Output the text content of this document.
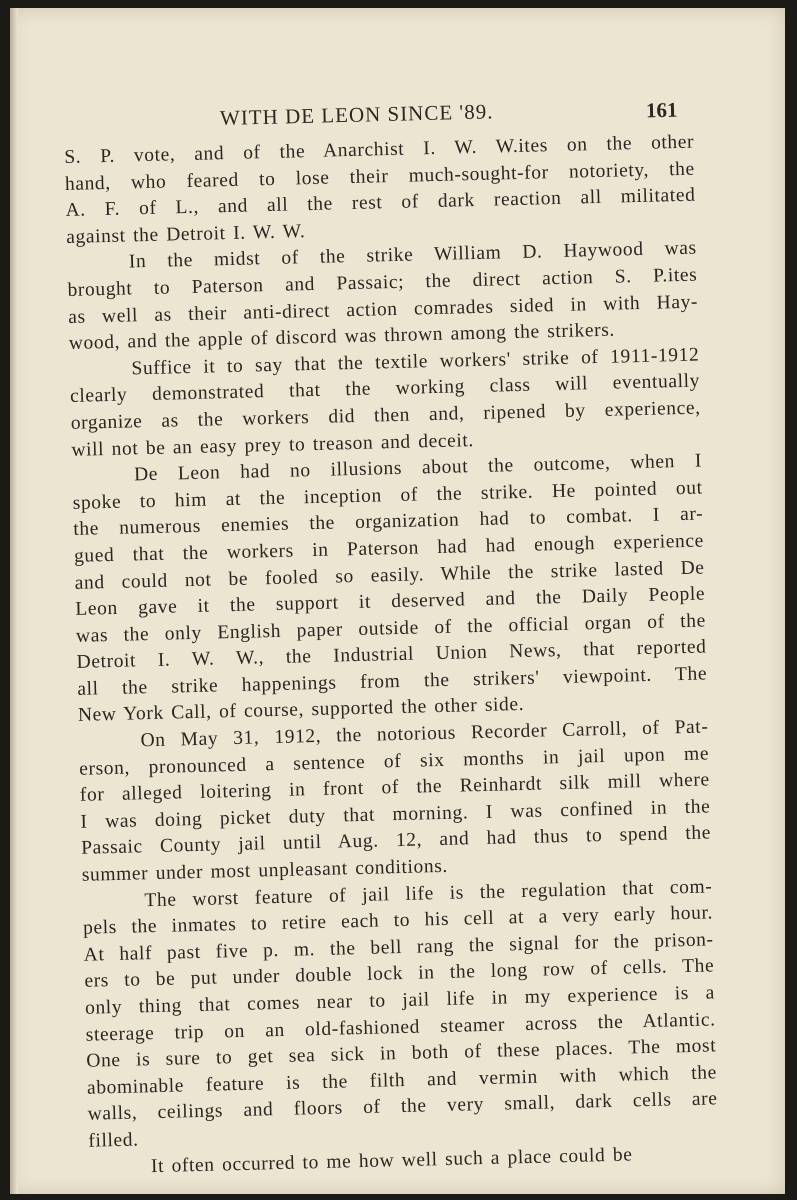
WITH DE LEON SINCE '89.	161
S. P. vote, and of the Anarchist I. W. W.ites on the other
hand, who feared to lose their much-sought-for notoriety, the
A. F. of L., and all the rest of dark reaction all militated
against the Detroit I. W. W.
In the midst of the strike William D. Haywood was
brought to Paterson and Passaic; the direct action S. P.ites
as well as their anti-direct action comrades sided in with Hay-
wood, and the apple of discord was thrown among the strikers.
Suffice it to say that the textile workers' strike of 1911-1912
clearly demonstrated that the working class will eventually
organize as the workers did then and, ripened by experience,
will not be an easy prey to treason and deceit.
De Leon had no illusions about the outcome, when I
spoke to him at the inception of the strike. He pointed out
the numerous enemies the organization had to combat. I ar-
gued that the workers in Paterson had had enough experience
and could not be fooled so easily. While the strike lasted De
Leon gave it the support it deserved and the Daily People
was the only English paper outside of the official organ of the
Detroit I. W. W., the Industrial Union News, that reported
all the strike happenings from the strikers' viewpoint. The
New York Call, of course, supported the other side.
On May 31, 1912, the notorious Recorder Carroll, of Pat-
erson, pronounced a sentence of six months in jail upon me
for alleged loitering in front of the Reinhardt silk mill where
I was doing picket duty that morning. I was confined in the
Passaic County jail until Aug. 12, and had thus to spend the
summer under most unpleasant conditions.
The worst feature of jail life is the regulation that com-
pels the inmates to retire each to his cell at a very early hour.
At half past five p. m. the bell rang the signal for the prison-
ers to be put under double lock in the long row of cells. The
only thing that comes near to jail life in my experience is a
steerage trip on an old-fashioned steamer across the Atlantic.
One is sure to get sea sick in both of these places. The most
abominable feature is the filth and vermin with which the
walls, ceilings and floors of the very small, dark cells are
filled.
It often occurred to me how well such a place could be
